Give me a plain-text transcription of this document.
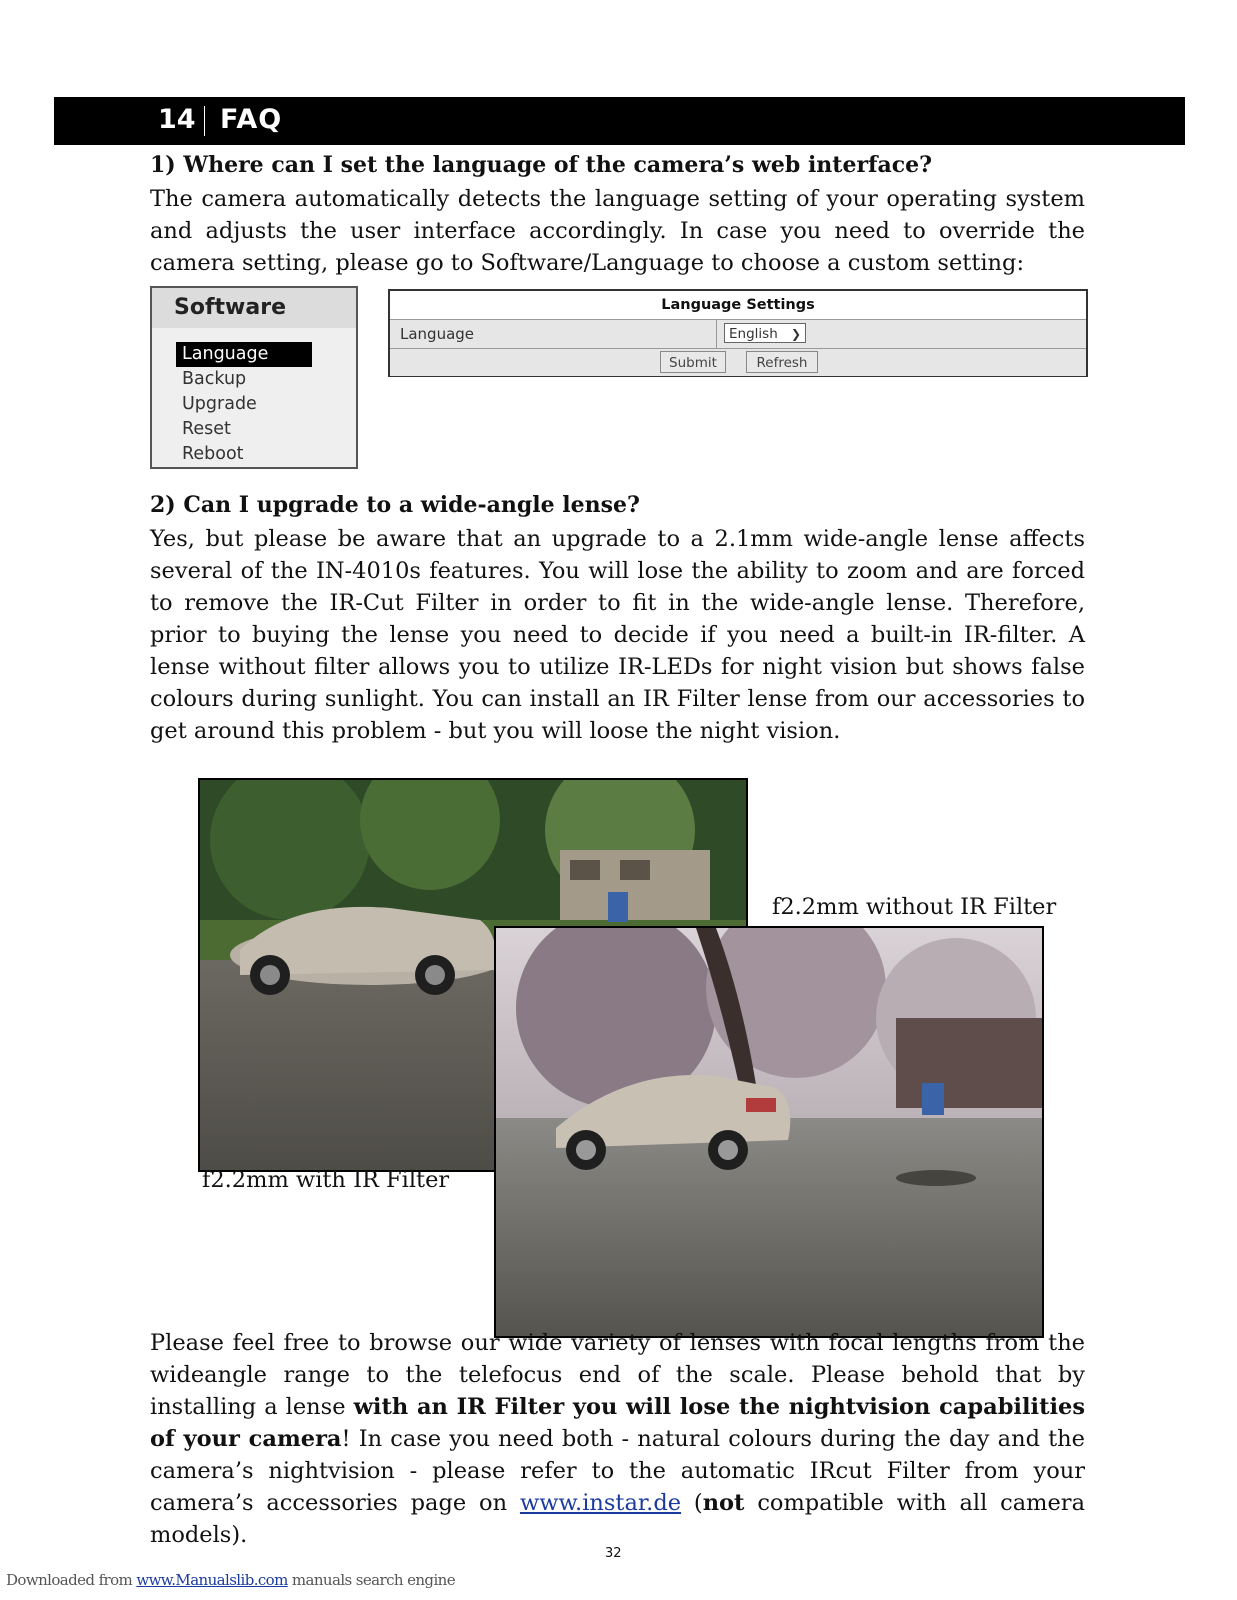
14 FAQ

1) Where can I set the language of the camera’s web interface?

The camera automatically detects the language setting of your operating system and adjusts the user interface accordingly. In case you need to override the camera setting, please go to Software/Language to choose a custom setting:

Software
Language
Backup
Upgrade
Reset
Reboot
Language Settings
Language	English ❯
Submit	Refresh

2) Can I upgrade to a wide-angle lense?

Yes, but please be aware that an upgrade to a 2.1mm wide-angle lense affects several of the IN-4010s features. You will lose the ability to zoom and are forced to remove the IR-Cut Filter in order to fit in the wide-angle lense. Therefore, prior to buying the lense you need to decide if you need a built-in IR-filter. A lense without filter allows you to utilize IR-LEDs for night vision but shows false colours during sunlight. You can install an IR Filter lense from our accessories to get around this problem - but you will loose the night vision.

f2.2mm without IR Filter

f2.2mm with IR Filter

Please feel free to browse our wide variety of lenses with focal lengths from the wideangle range to the telefocus end of the scale. Please behold that by installing a lense with an IR Filter you will lose the nightvision capabilities of your camera! In case you need both - natural colours during the day and the camera’s nightvision - please refer to the automatic IRcut Filter from your camera’s accessories page on www.instar.de (not compatible with all camera models).

32
Downloaded from www.Manualslib.com manuals search engine
